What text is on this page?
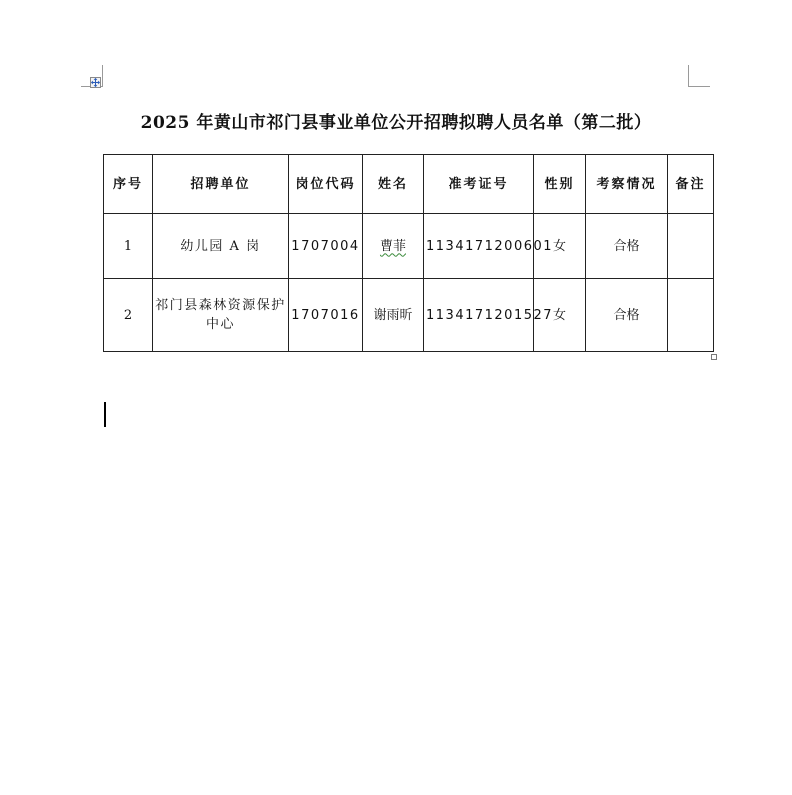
2025 年黄山市祁门县事业单位公开招聘拟聘人员名单（第二批）
序号	招聘单位	岗位代码	姓名	准考证号	性别	考察情况	备注
1	幼儿园 A 岗	1707004	曹菲	1134171200601	女	合格	
2	祁门县森林资源保护中心	1707016	谢雨昕	1134171201527	女	合格	
